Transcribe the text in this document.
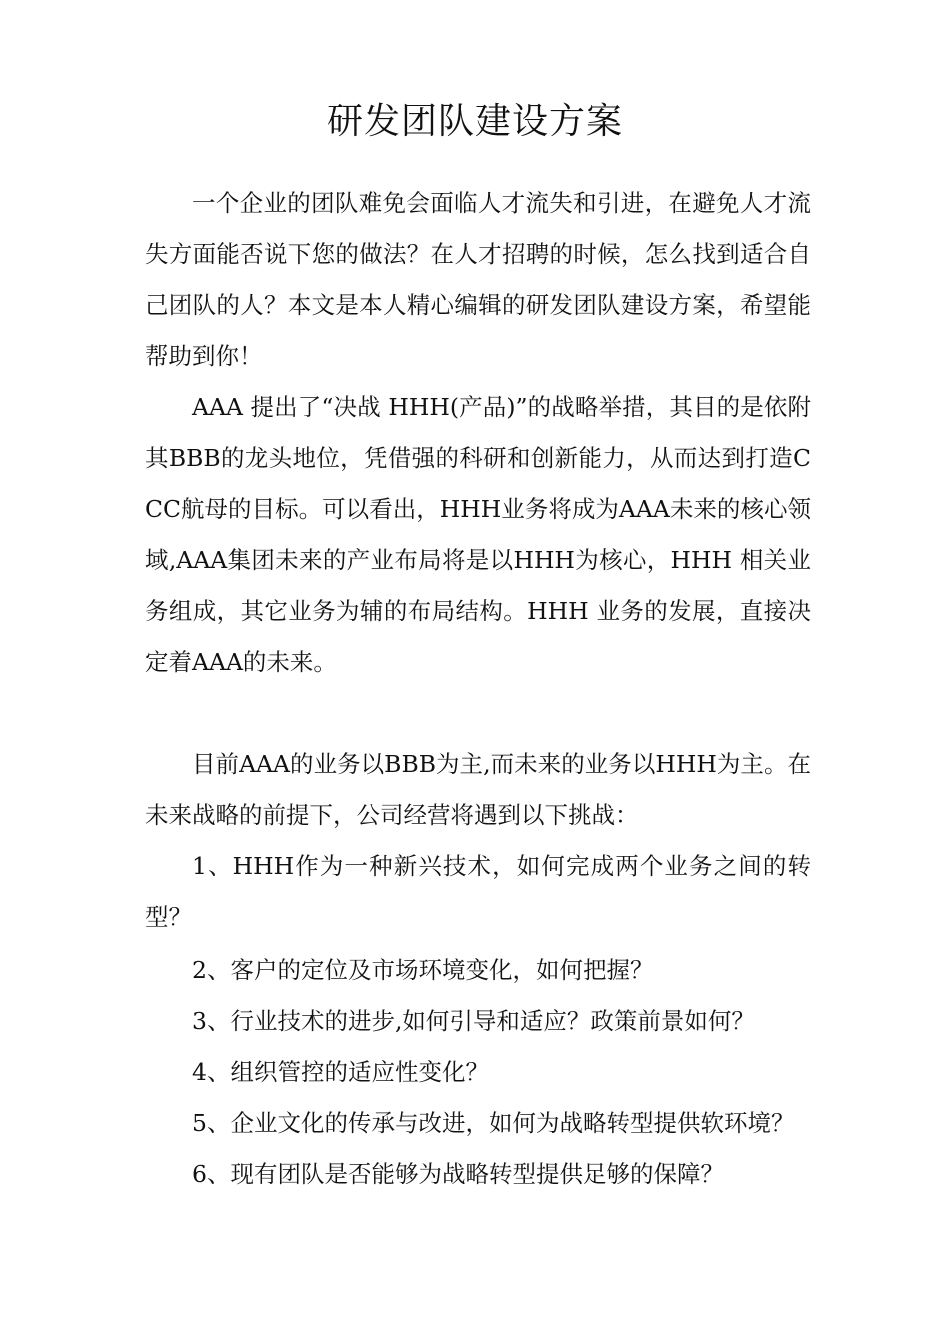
研发团队建设方案

一个企业的团队难免会面临人才流失和引进，在避免人才流失方面能否说下您的做法？在人才招聘的时候，怎么找到适合自己团队的人？本文是本人精心编辑的研发团队建设方案，希望能帮助到你！

AAA 提出了“决战 HHH(产品)”的战略举措，其目的是依附其BBB的龙头地位，凭借强的科研和创新能力，从而达到打造CCC航母的目标。可以看出，HHH业务将成为AAA未来的核心领域,AAA集团未来的产业布局将是以HHH为核心，HHH 相关业务组成，其它业务为辅的布局结构。HHH 业务的发展，直接决定着AAA的未来。

目前AAA的业务以BBB为主,而未来的业务以HHH为主。在未来战略的前提下，公司经营将遇到以下挑战：

1、HHH作为一种新兴技术，如何完成两个业务之间的转型？

2、客户的定位及市场环境变化，如何把握？

3、行业技术的进步,如何引导和适应？政策前景如何？

4、组织管控的适应性变化？

5、企业文化的传承与改进，如何为战略转型提供软环境？

6、现有团队是否能够为战略转型提供足够的保障？
